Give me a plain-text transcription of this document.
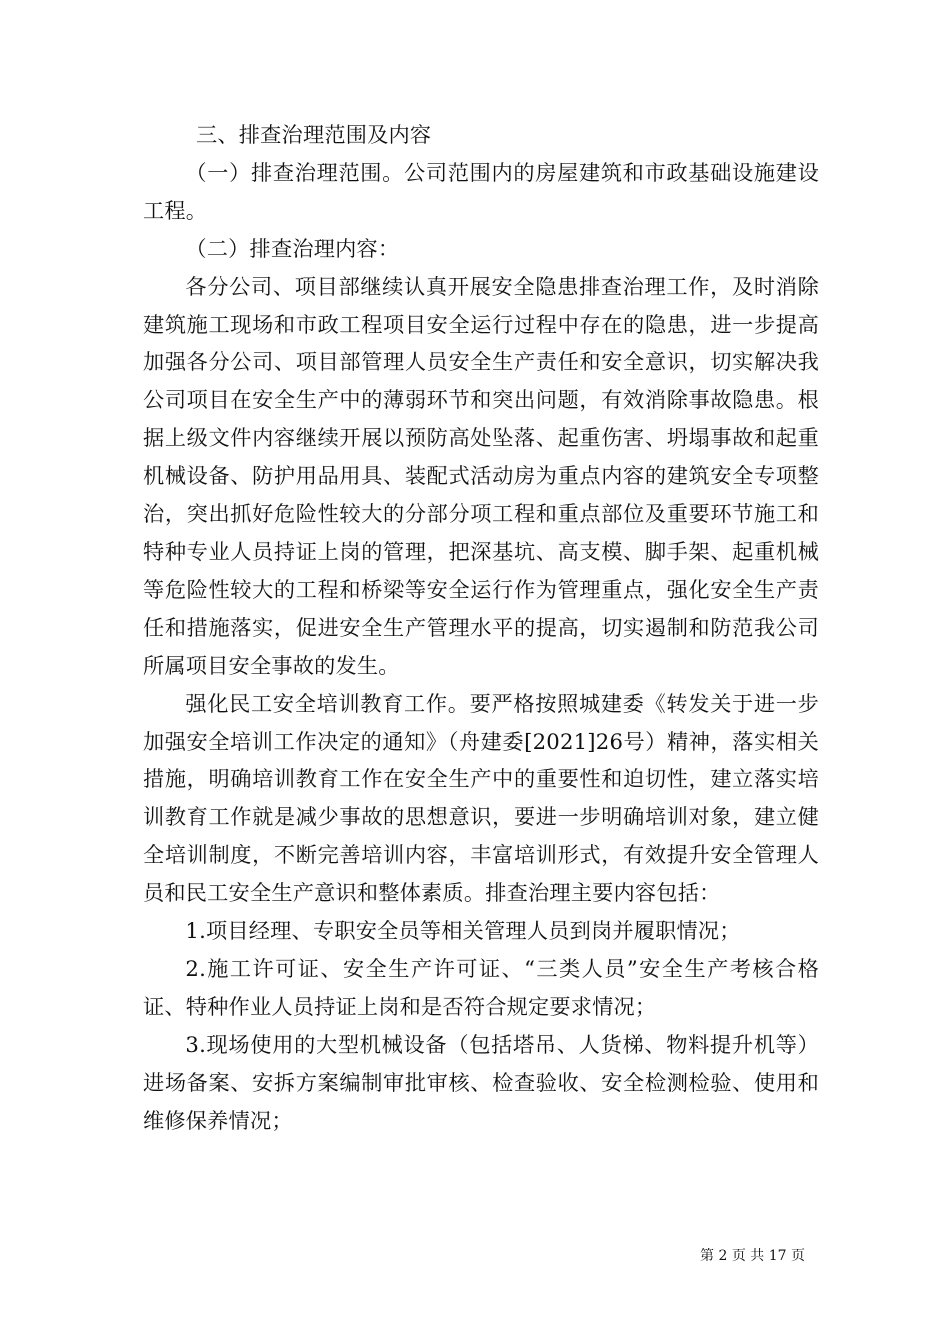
三、排查治理范围及内容

（一）排查治理范围。公司范围内的房屋建筑和市政基础设施建设工程。

（二）排查治理内容：

各分公司、项目部继续认真开展安全隐患排查治理工作，及时消除建筑施工现场和市政工程项目安全运行过程中存在的隐患，进一步提高加强各分公司、项目部管理人员安全生产责任和安全意识，切实解决我公司项目在安全生产中的薄弱环节和突出问题，有效消除事故隐患。根据上级文件内容继续开展以预防高处坠落、起重伤害、坍塌事故和起重机械设备、防护用品用具、装配式活动房为重点内容的建筑安全专项整治，突出抓好危险性较大的分部分项工程和重点部位及重要环节施工和特种专业人员持证上岗的管理，把深基坑、高支模、脚手架、起重机械等危险性较大的工程和桥梁等安全运行作为管理重点，强化安全生产责任和措施落实，促进安全生产管理水平的提高，切实遏制和防范我公司所属项目安全事故的发生。

强化民工安全培训教育工作。要严格按照城建委《转发关于进一步加强安全培训工作决定的通知》（舟建委[2021]26号）精神，落实相关措施，明确培训教育工作在安全生产中的重要性和迫切性，建立落实培训教育工作就是减少事故的思想意识，要进一步明确培训对象，建立健全培训制度，不断完善培训内容，丰富培训形式，有效提升安全管理人员和民工安全生产意识和整体素质。排查治理主要内容包括：

1.项目经理、专职安全员等相关管理人员到岗并履职情况；

2.施工许可证、安全生产许可证、“三类人员”安全生产考核合格证、特种作业人员持证上岗和是否符合规定要求情况；

3.现场使用的大型机械设备（包括塔吊、人货梯、物料提升机等）进场备案、安拆方案编制审批审核、检查验收、安全检测检验、使用和维修保养情况；

第 2 页 共 17 页
